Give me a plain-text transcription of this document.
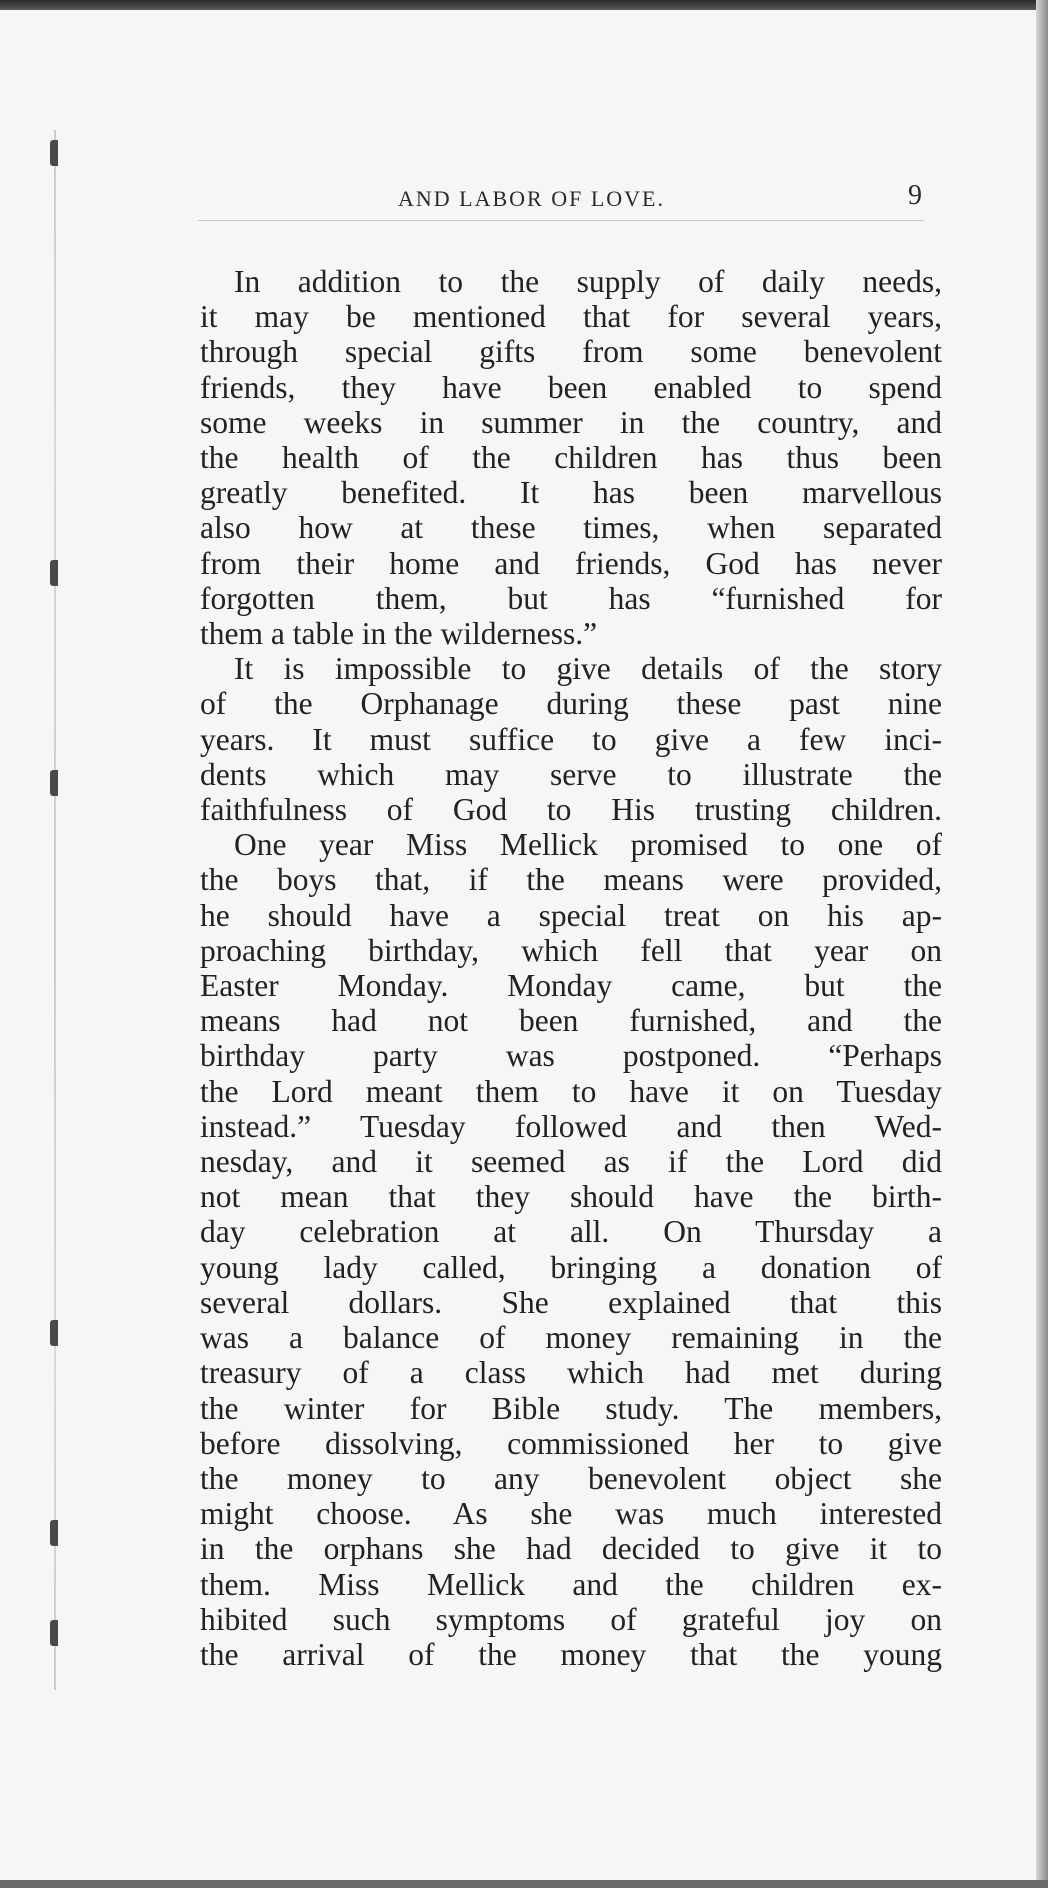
AND LABOR OF LOVE.	9
In addition to the supply of daily needs,
it may be mentioned that for several years,
through special gifts from some benevolent
friends, they have been enabled to spend
some weeks in summer in the country, and
the health of the children has thus been
greatly benefited. It has been marvellous
also how at these times, when separated
from their home and friends, God has never
forgotten them, but has “furnished for
them a table in the wilderness.”
It is impossible to give details of the story
of the Orphanage during these past nine
years. It must suffice to give a few inci-
dents which may serve to illustrate the
faithfulness of God to His trusting children.
One year Miss Mellick promised to one of
the boys that, if the means were provided,
he should have a special treat on his ap-
proaching birthday, which fell that year on
Easter Monday. Monday came, but the
means had not been furnished, and the
birthday party was postponed. “Perhaps
the Lord meant them to have it on Tuesday
instead.” Tuesday followed and then Wed-
nesday, and it seemed as if the Lord did
not mean that they should have the birth-
day celebration at all. On Thursday a
young lady called, bringing a donation of
several dollars. She explained that this
was a balance of money remaining in the
treasury of a class which had met during
the winter for Bible study. The members,
before dissolving, commissioned her to give
the money to any benevolent object she
might choose. As she was much interested
in the orphans she had decided to give it to
them. Miss Mellick and the children ex-
hibited such symptoms of grateful joy on
the arrival of the money that the young
